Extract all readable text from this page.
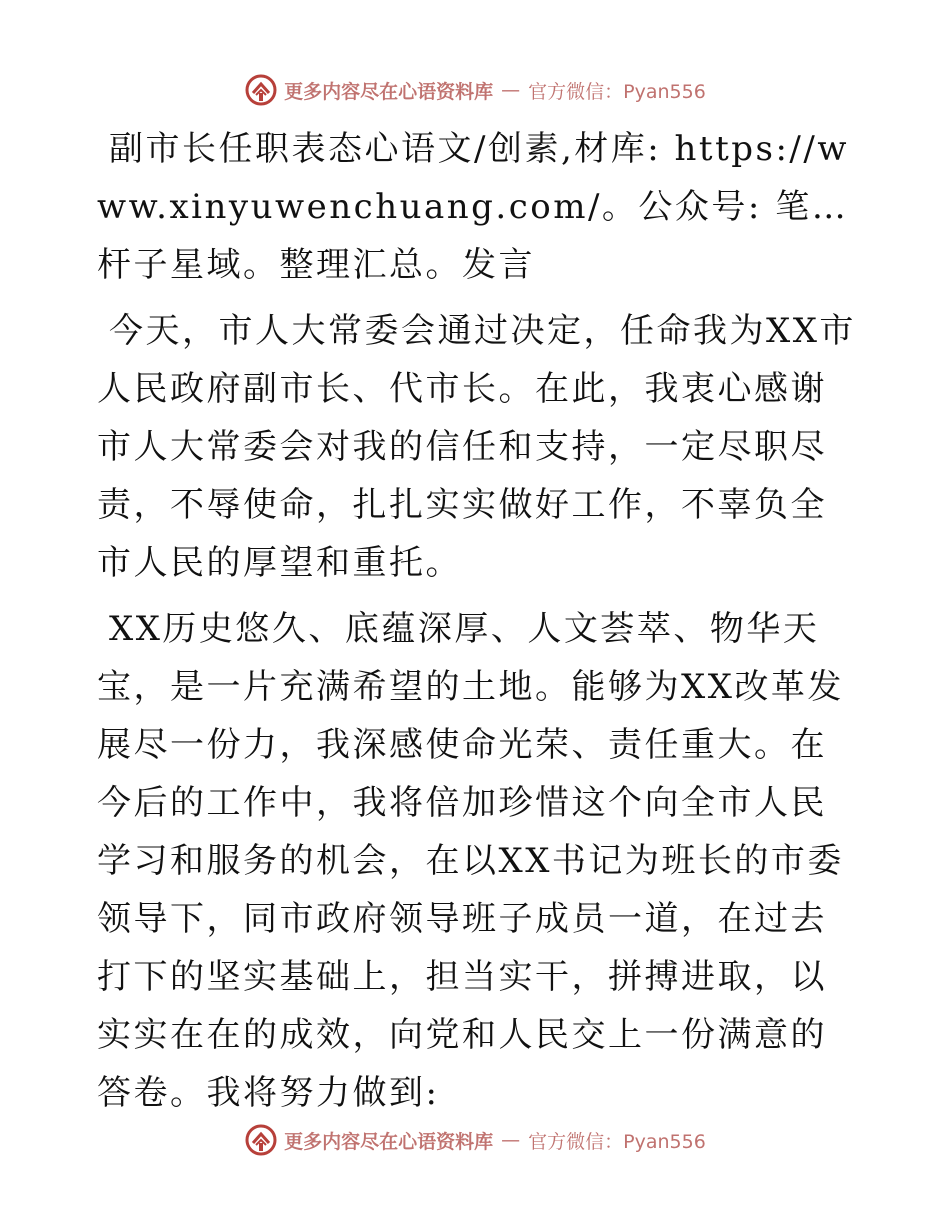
更多内容尽在心语资料库 — 官方微信：Pyan556

副市长任职表态心语文/创素,材库: https://www.xinyuwenchuang.com/。公众号: 笔…杆子星域。整理汇总。发言

今天，市人大常委会通过决定，任命我为XX市人民政府副市长、代市长。在此，我衷心感谢市人大常委会对我的信任和支持，一定尽职尽责，不辱使命，扎扎实实做好工作，不辜负全市人民的厚望和重托。

XX历史悠久、底蕴深厚、人文荟萃、物华天宝，是一片充满希望的土地。能够为XX改革发展尽一份力，我深感使命光荣、责任重大。在今后的工作中，我将倍加珍惜这个向全市人民学习和服务的机会，在以XX书记为班长的市委领导下，同市政府领导班子成员一道，在过去打下的坚实基础上，担当实干，拼搏进取，以实实在在的成效，向党和人民交上一份满意的答卷。我将努力做到:

更多内容尽在心语资料库 — 官方微信：Pyan556
